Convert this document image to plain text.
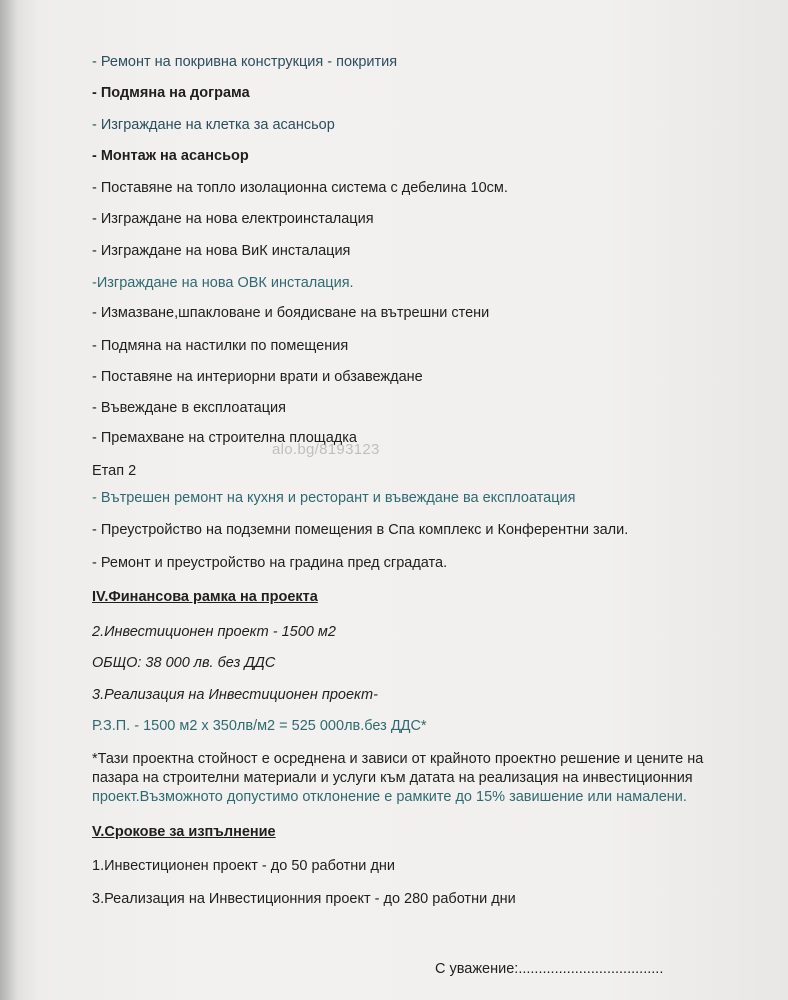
- Ремонт на покривна конструкция - покрития
- Подмяна на дограма
- Изграждане на клетка за асансьор
- Монтаж на асансьор
- Поставяне на топло изолационна система с дебелина 10см.
- Изграждане на нова електроинсталация
- Изграждане на нова ВиК инсталация
-Изграждане на нова ОВК инсталация.
- Измазване,шпакловане и боядисване на вътрешни стени
- Подмяна на настилки по помещения
- Поставяне на интериорни врати и обзавеждане
- Въвеждане в експлоатация
- Премахване на строителна площадка
alo.bg/8193123
Етап 2
- Вътрешен ремонт на кухня и ресторант и въвеждане ва експлоатация
- Преустройство на подземни помещения в Спа комплекс и Конферентни зали.
- Ремонт и преустройство на градина пред сградата.
IV.Финансова рамка на проекта
2.Инвестиционен проект - 1500 м2
ОБЩО: 38 000 лв. без ДДС
3.Реализация на Инвестиционен проект-
Р.З.П. - 1500 м2 х 350лв/м2 = 525 000лв.без ДДС*
*Тази проектна стойност е осредненa и зависи от крайното проектно решение и цените на
пазара на строителни материали и услуги към датата на реализация на инвестиционния
проект.Възможното допустимо отклонение е рамките до 15% завишение или намалени.
V.Срокове за изпълнение
1.Инвестиционен проект - до 50 работни дни
3.Реализация на Инвестиционния проект - до 280 работни дни
С уважение:....................................
